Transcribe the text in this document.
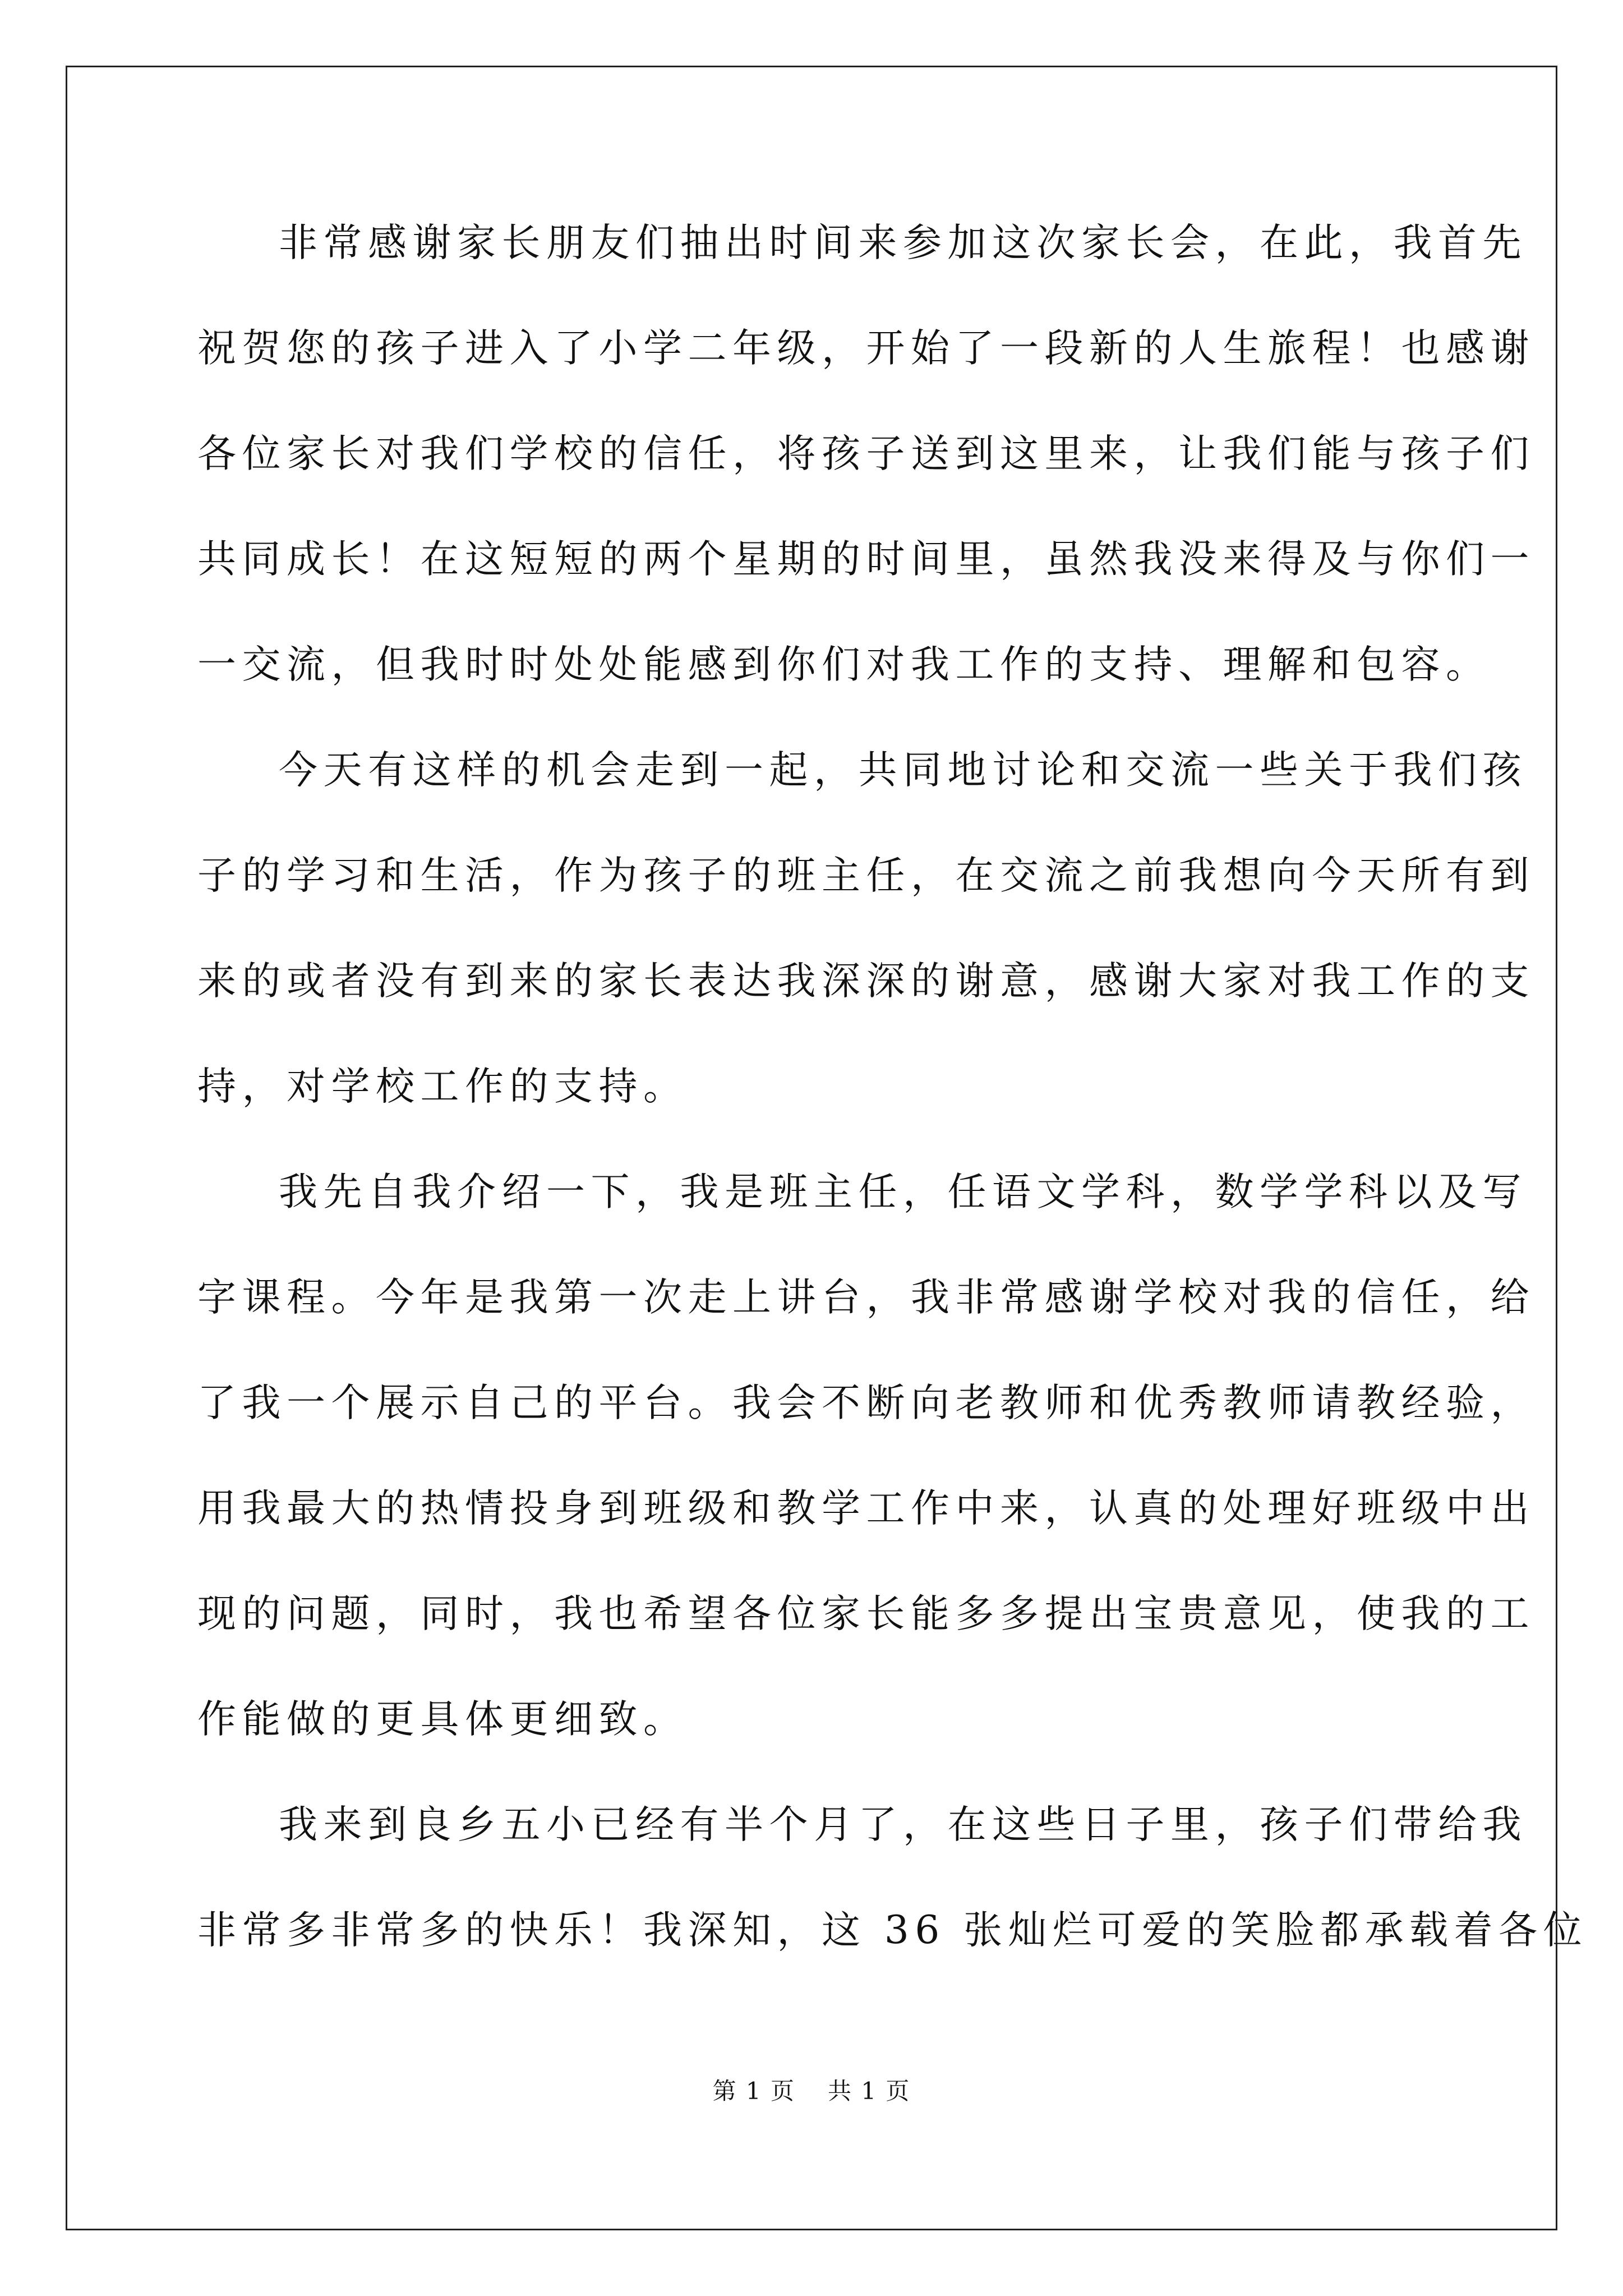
非常感谢家长朋友们抽出时间来参加这次家长会，在此，我首先
祝贺您的孩子进入了小学二年级，开始了一段新的人生旅程！也感谢
各位家长对我们学校的信任，将孩子送到这里来，让我们能与孩子们
共同成长！在这短短的两个星期的时间里，虽然我没来得及与你们一
一交流，但我时时处处能感到你们对我工作的支持、理解和包容。
今天有这样的机会走到一起，共同地讨论和交流一些关于我们孩
子的学习和生活，作为孩子的班主任，在交流之前我想向今天所有到
来的或者没有到来的家长表达我深深的谢意，感谢大家对我工作的支
持，对学校工作的支持。
我先自我介绍一下，我是班主任，任语文学科，数学学科以及写
字课程。今年是我第一次走上讲台，我非常感谢学校对我的信任，给
了我一个展示自己的平台。我会不断向老教师和优秀教师请教经验，
用我最大的热情投身到班级和教学工作中来，认真的处理好班级中出
现的问题，同时，我也希望各位家长能多多提出宝贵意见，使我的工
作能做的更具体更细致。
我来到良乡五小已经有半个月了，在这些日子里，孩子们带给我
非常多非常多的快乐！我深知，这 36 张灿烂可爱的笑脸都承载着各位
第 1 页 共 1 页
